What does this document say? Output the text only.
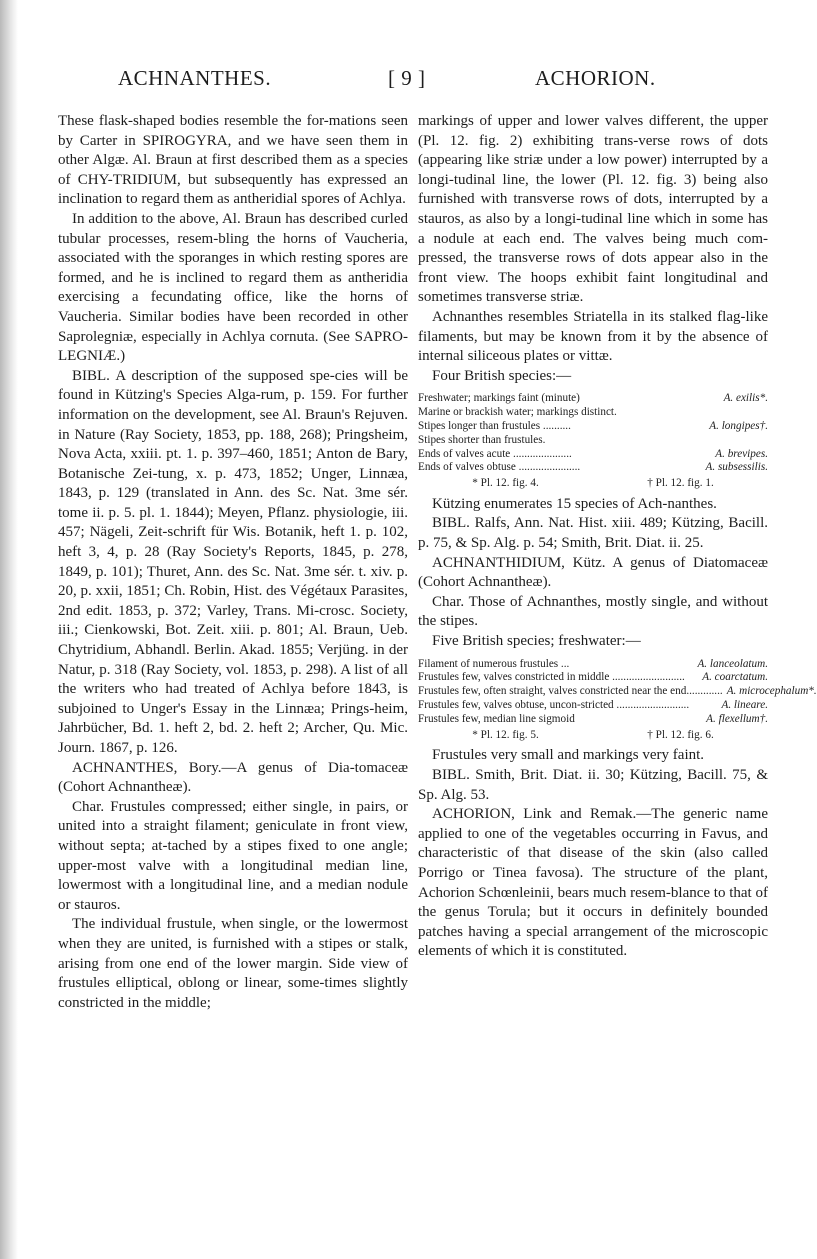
ACHNANTHES.	[ 9 ]	ACHORION.

These flask-shaped bodies resemble the for-mations seen by Carter in SPIROGYRA, and we have seen them in other Algæ. Al. Braun at first described them as a species of CHY-TRIDIUM, but subsequently has expressed an inclination to regard them as antheridial spores of Achlya.

In addition to the above, Al. Braun has described curled tubular processes, resem-bling the horns of Vaucheria, associated with the sporanges in which resting spores are formed, and he is inclined to regard them as antheridia exercising a fecundating office, like the horns of Vaucheria. Similar bodies have been recorded in other Saprolegniæ, especially in Achlya cornuta. (See SAPRO-LEGNIÆ.)

BIBL. A description of the supposed spe-cies will be found in Kützing's Species Alga-rum, p. 159. For further information on the development, see Al. Braun's Rejuven. in Nature (Ray Society, 1853, pp. 188, 268); Pringsheim, Nova Acta, xxiii. pt. 1. p. 397–460, 1851; Anton de Bary, Botanische Zei-tung, x. p. 473, 1852; Unger, Linnæa, 1843, p. 129 (translated in Ann. des Sc. Nat. 3me sér. tome ii. p. 5. pl. 1. 1844); Meyen, Pflanz. physiologie, iii. 457; Nägeli, Zeit-schrift für Wis. Botanik, heft 1. p. 102, heft 3, 4, p. 28 (Ray Society's Reports, 1845, p. 278, 1849, p. 101); Thuret, Ann. des Sc. Nat. 3me sér. t. xiv. p. 20, p. xxii, 1851; Ch. Robin, Hist. des Végétaux Parasites, 2nd edit. 1853, p. 372; Varley, Trans. Mi-crosc. Society, iii.; Cienkowski, Bot. Zeit. xiii. p. 801; Al. Braun, Ueb. Chytridium, Abhandl. Berlin. Akad. 1855; Verjüng. in der Natur, p. 318 (Ray Society, vol. 1853, p. 298). A list of all the writers who had treated of Achlya before 1843, is subjoined to Unger's Essay in the Linnæa; Prings-heim, Jahrbücher, Bd. 1. heft 2, bd. 2. heft 2; Archer, Qu. Mic. Journ. 1867, p. 126.

ACHNANTHES, Bory.—A genus of Dia-tomaceæ (Cohort Achnantheæ).

Char. Frustules compressed; either single, in pairs, or united into a straight filament; geniculate in front view, without septa; at-tached by a stipes fixed to one angle; upper-most valve with a longitudinal median line, lowermost with a longitudinal line, and a median nodule or stauros.

The individual frustule, when single, or the lowermost when they are united, is furnished with a stipes or stalk, arising from one end of the lower margin. Side view of frustules elliptical, oblong or linear, some-times slightly constricted in the middle;

markings of upper and lower valves different, the upper (Pl. 12. fig. 2) exhibiting trans-verse rows of dots (appearing like striæ under a low power) interrupted by a longi-tudinal line, the lower (Pl. 12. fig. 3) being also furnished with transverse rows of dots, interrupted by a stauros, as also by a longi-tudinal line which in some has a nodule at each end. The valves being much com-pressed, the transverse rows of dots appear also in the front view. The hoops exhibit faint longitudinal and sometimes transverse striæ.

Achnanthes resembles Striatella in its stalked flag-like filaments, but may be known from it by the absence of internal siliceous plates or vittæ.

Four British species:—

Freshwater; markings faint (minute)	A. exilis*.
Marine or brackish water; markings distinct.
Stipes longer than frustules ..........	A. longipes†.
Stipes shorter than frustules.
Ends of valves acute .....................	A. brevipes.
Ends of valves obtuse ......................	A. subsessilis.
* Pl. 12. fig. 4.	† Pl. 12. fig. 1.

Kützing enumerates 15 species of Ach-nanthes.

BIBL. Ralfs, Ann. Nat. Hist. xiii. 489; Kützing, Bacill. p. 75, & Sp. Alg. p. 54; Smith, Brit. Diat. ii. 25.

ACHNANTHIDIUM, Kütz. A genus of Diatomaceæ (Cohort Achnantheæ).

Char. Those of Achnanthes, mostly single, and without the stipes.

Five British species; freshwater:—

Filament of numerous frustules ...	A. lanceolatum.
Frustules few, valves constricted in middle ..........................	A. coarctatum.
Frustules few, often straight, valves constricted near the end............. A. microcephalum*.
Frustules few, valves obtuse, uncon-stricted ..........................	A. lineare.
Frustules few, median line sigmoid	A. flexellum†.
* Pl. 12. fig. 5.	† Pl. 12. fig. 6.

Frustules very small and markings very faint.

BIBL. Smith, Brit. Diat. ii. 30; Kützing, Bacill. 75, & Sp. Alg. 53.

ACHORION, Link and Remak.—The generic name applied to one of the vegetables occurring in Favus, and characteristic of that disease of the skin (also called Porrigo or Tinea favosa). The structure of the plant, Achorion Schœnleinii, bears much resem-blance to that of the genus Torula; but it occurs in definitely bounded patches having a special arrangement of the microscopic elements of which it is constituted.
